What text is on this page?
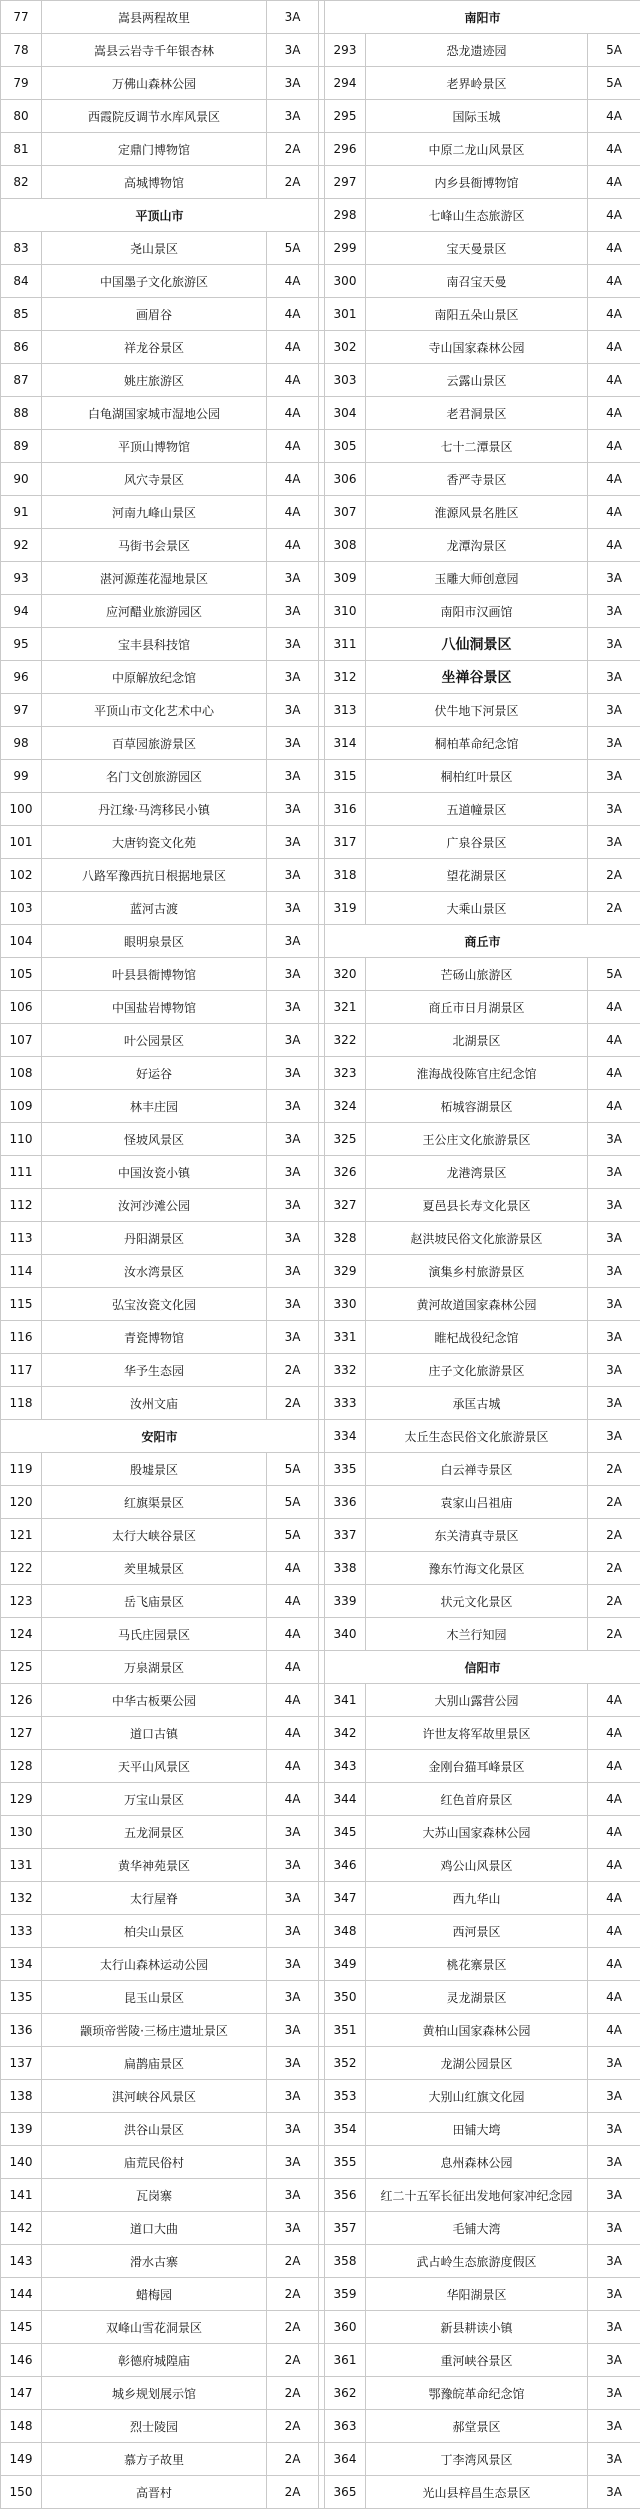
77	嵩县两程故里	3A		南阳市		
78	嵩县云岩寺千年银杏林	3A		293	恐龙遗迹园	5A
79	万佛山森林公园	3A		294	老界岭景区	5A
80	西霞院反调节水库风景区	3A		295	国际玉城	4A
81	定鼎门博物馆	2A		296	中原二龙山风景区	4A
82	高城博物馆	2A		297	内乡县衙博物馆	4A
平顶山市				298	七峰山生态旅游区	4A
83	尧山景区	5A		299	宝天曼景区	4A
84	中国墨子文化旅游区	4A		300	南召宝天曼	4A
85	画眉谷	4A		301	南阳五朵山景区	4A
86	祥龙谷景区	4A		302	寺山国家森林公园	4A
87	姚庄旅游区	4A		303	云露山景区	4A
88	白龟湖国家城市湿地公园	4A		304	老君洞景区	4A
89	平顶山博物馆	4A		305	七十二潭景区	4A
90	风穴寺景区	4A		306	香严寺景区	4A
91	河南九峰山景区	4A		307	淮源风景名胜区	4A
92	马街书会景区	4A		308	龙潭沟景区	4A
93	湛河源莲花湿地景区	3A		309	玉雕大师创意园	3A
94	应河醋业旅游园区	3A		310	南阳市汉画馆	3A
95	宝丰县科技馆	3A		311	八仙洞景区	3A
96	中原解放纪念馆	3A		312	坐禅谷景区	3A
97	平顶山市文化艺术中心	3A		313	伏牛地下河景区	3A
98	百草园旅游景区	3A		314	桐柏革命纪念馆	3A
99	名门文创旅游园区	3A		315	桐柏红叶景区	3A
100	丹江缘·马湾移民小镇	3A		316	五道幢景区	3A
101	大唐钧瓷文化苑	3A		317	广泉谷景区	3A
102	八路军豫西抗日根据地景区	3A		318	望花湖景区	2A
103	蓝河古渡	3A		319	大乘山景区	2A
104	眼明泉景区	3A		商丘市		
105	叶县县衙博物馆	3A		320	芒砀山旅游区	5A
106	中国盐岩博物馆	3A		321	商丘市日月湖景区	4A
107	叶公园景区	3A		322	北湖景区	4A
108	好运谷	3A		323	淮海战役陈官庄纪念馆	4A
109	林丰庄园	3A		324	柘城容湖景区	4A
110	怪坡风景区	3A		325	王公庄文化旅游景区	3A
111	中国汝瓷小镇	3A		326	龙港湾景区	3A
112	汝河沙滩公园	3A		327	夏邑县长寿文化景区	3A
113	丹阳湖景区	3A		328	赵洪坡民俗文化旅游景区	3A
114	汝水湾景区	3A		329	演集乡村旅游景区	3A
115	弘宝汝瓷文化园	3A		330	黄河故道国家森林公园	3A
116	青瓷博物馆	3A		331	睢杞战役纪念馆	3A
117	华予生态园	2A		332	庄子文化旅游景区	3A
118	汝州文庙	2A		333	承匡古城	3A
安阳市				334	太丘生态民俗文化旅游景区	3A
119	殷墟景区	5A		335	白云禅寺景区	2A
120	红旗渠景区	5A		336	袁家山吕祖庙	2A
121	太行大峡谷景区	5A		337	东关清真寺景区	2A
122	羑里城景区	4A		338	豫东竹海文化景区	2A
123	岳飞庙景区	4A		339	状元文化景区	2A
124	马氏庄园景区	4A		340	木兰行知园	2A
125	万泉湖景区	4A		信阳市		
126	中华古板栗公园	4A		341	大别山露营公园	4A
127	道口古镇	4A		342	许世友将军故里景区	4A
128	天平山风景区	4A		343	金刚台猫耳峰景区	4A
129	万宝山景区	4A		344	红色首府景区	4A
130	五龙洞景区	3A		345	大苏山国家森林公园	4A
131	黄华神苑景区	3A		346	鸡公山风景区	4A
132	太行屋脊	3A		347	西九华山	4A
133	柏尖山景区	3A		348	西河景区	4A
134	太行山森林运动公园	3A		349	桃花寨景区	4A
135	昆玉山景区	3A		350	灵龙湖景区	4A
136	颛顼帝喾陵·三杨庄遗址景区	3A		351	黄柏山国家森林公园	4A
137	扁鹊庙景区	3A		352	龙湖公园景区	3A
138	淇河峡谷风景区	3A		353	大别山红旗文化园	3A
139	洪谷山景区	3A		354	田铺大塆	3A
140	庙荒民俗村	3A		355	息州森林公园	3A
141	瓦岗寨	3A		356	红二十五军长征出发地何家冲纪念园	3A
142	道口大曲	3A		357	毛铺大湾	3A
143	滑水古寨	2A		358	武占岭生态旅游度假区	3A
144	蜡梅园	2A		359	华阳湖景区	3A
145	双峰山雪花洞景区	2A		360	新县耕读小镇	3A
146	彰德府城隍庙	2A		361	重河峡谷景区	3A
147	城乡规划展示馆	2A		362	鄂豫皖革命纪念馆	3A
148	烈士陵园	2A		363	郝堂景区	3A
149	慕方子故里	2A		364	丁李湾风景区	3A
150	高晋村	2A		365	光山县梓昌生态景区	3A
